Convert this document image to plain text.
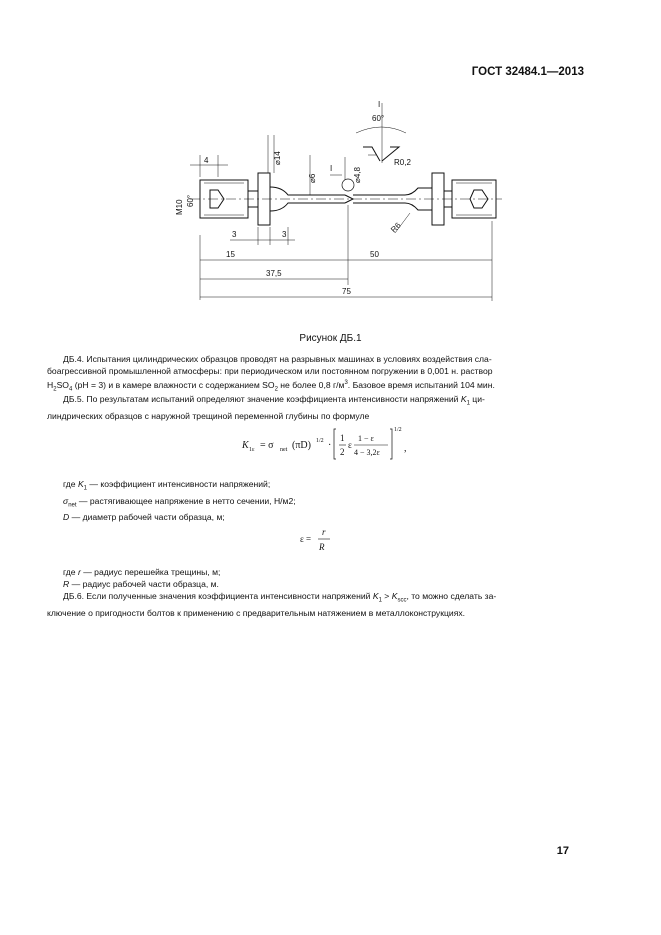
ГОСТ 32484.1—2013
4
М10 60°
⌀14
⌀6
I	⌀4,8
3	3
15	50
37,5
75
R6
I
60°
R0,2
Рисунок ДБ.1
ДБ.4. Испытания цилиндрических образцов проводят на разрывных машинах в условиях воздействия сла-
боагрессивной промышленной атмосферы: при периодическом или постоянном погружении в 0,001 н. раствор
$H_2SO_4$ (pH = 3) и в камере влажности с содержанием $SO_2$ не более 0,8 $г/м^3$. Базовое время испытаний 104 мин.
ДБ.5. По результатам испытаний определяют значение коэффициента интенсивности напряжений $K_1$ ци-
линдрических образцов с наружной трещиной переменной глубины по формуле
K 1ε = σ net (πD) 1/2 ·
1
2
ε
1 − ε
4 − 3,2ε
1/2
,
где $K_1$ — коэффициент интенсивности напряжений;
$\sigma_{net}$ — растягивающее напряжение в нетто сечении, Н/м2;
D — диаметр рабочей части образца, м;
ε =
r
R
где r — радиус перешейка трещины, м;
R — радиус рабочей части образца, м.
ДБ.6. Если полученные значения коэффициента интенсивности напряжений $K_1 > K_{scc}$, то можно сделать за-
ключение о пригодности болтов к применению с предварительным натяжением в металлоконструкциях.
17
